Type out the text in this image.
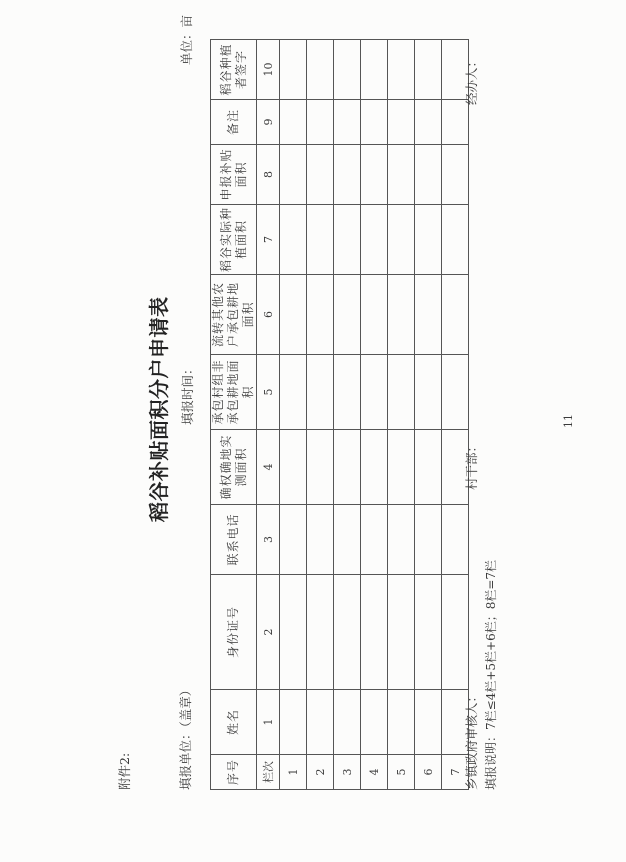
附件2:
稻谷补贴面积分户申请表
填报单位：（盖章）
填报时间：
单位：亩
序号	姓名	身份证号	联系电话	确权确地实测面积	承包村组非承包耕地面积	流转其他农户承包耕地面积	稻谷实际种植面积	申报补贴面积	备注	稻谷种植者签字
栏次	1	2	3	4	5	6	7	8	9	10
1										
2										
3										
4										
5										
6										
7										乡镇政府审核人：
村干部：
经办人：
填报说明：7栏≤4栏+5栏+6栏；8栏=7栏
11
